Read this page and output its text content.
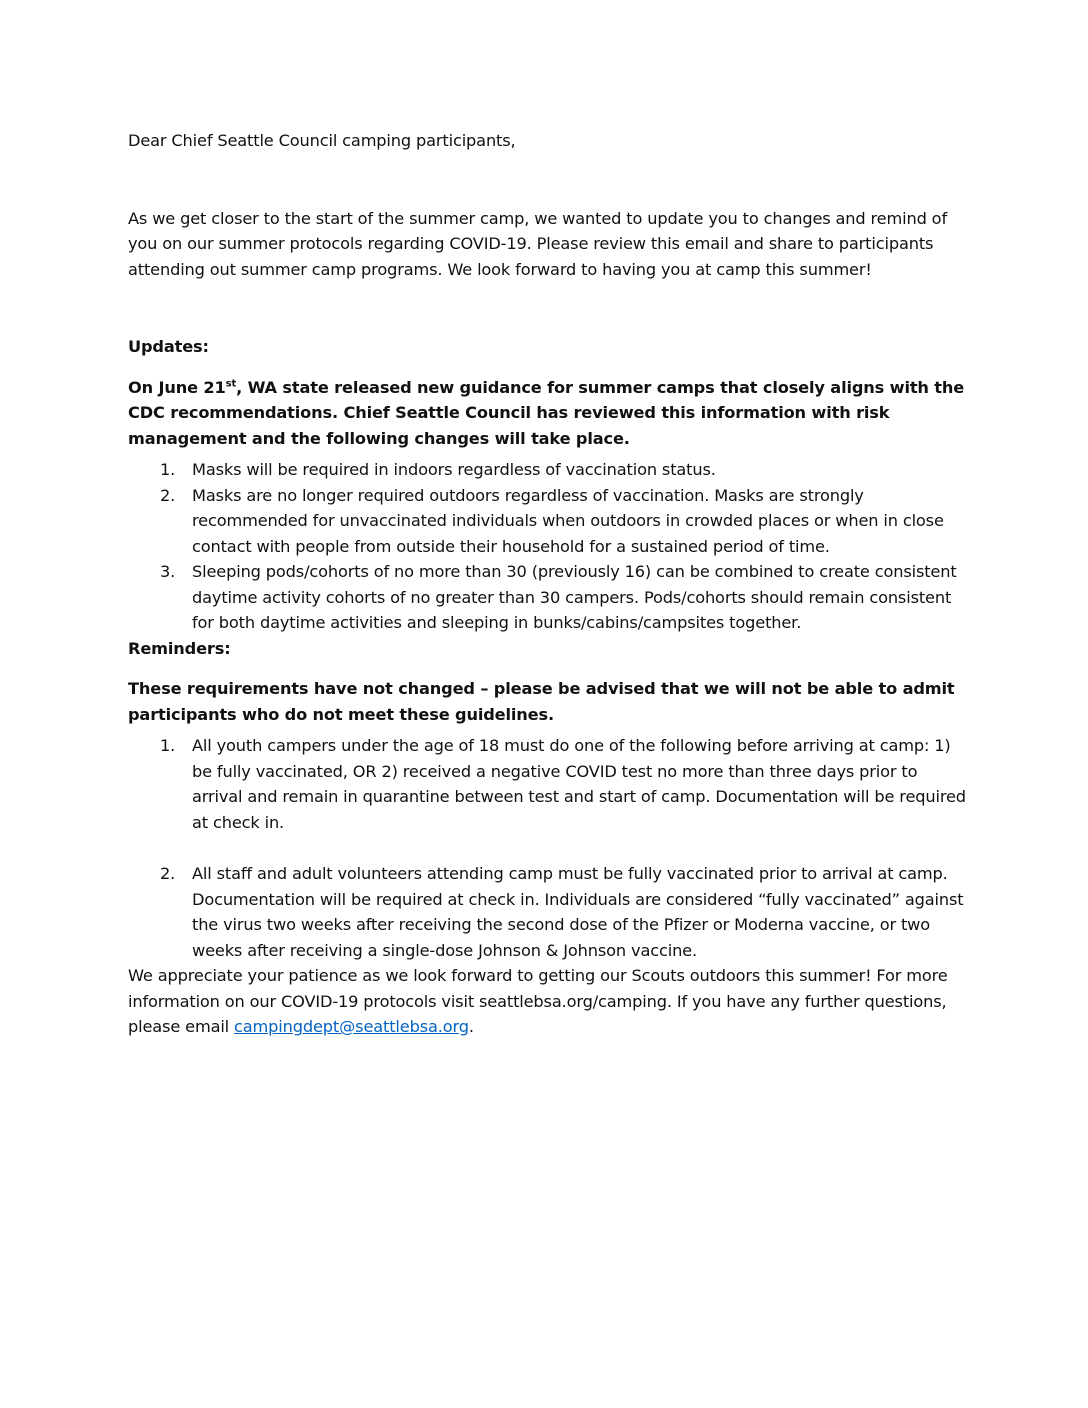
Dear Chief Seattle Council camping participants,

As we get closer to the start of the summer camp, we wanted to update you to changes and remind of you on our summer protocols regarding COVID-19. Please review this email and share to participants attending out summer camp programs. We look forward to having you at camp this summer!

Updates:

On June 21st, WA state released new guidance for summer camps that closely aligns with the CDC recommendations. Chief Seattle Council has reviewed this information with risk management and the following changes will take place.

1. Masks will be required in indoors regardless of vaccination status.
2. Masks are no longer required outdoors regardless of vaccination. Masks are strongly recommended for unvaccinated individuals when outdoors in crowded places or when in close contact with people from outside their household for a sustained period of time.
3. Sleeping pods/cohorts of no more than 30 (previously 16) can be combined to create consistent daytime activity cohorts of no greater than 30 campers. Pods/cohorts should remain consistent for both daytime activities and sleeping in bunks/cabins/campsites together.

Reminders:

These requirements have not changed – please be advised that we will not be able to admit participants who do not meet these guidelines.

1. All youth campers under the age of 18 must do one of the following before arriving at camp: 1) be fully vaccinated, OR 2) received a negative COVID test no more than three days prior to arrival and remain in quarantine between test and start of camp. Documentation will be required at check in.
2. All staff and adult volunteers attending camp must be fully vaccinated prior to arrival at camp. Documentation will be required at check in. Individuals are considered “fully vaccinated” against the virus two weeks after receiving the second dose of the Pfizer or Moderna vaccine, or two weeks after receiving a single-dose Johnson & Johnson vaccine.

We appreciate your patience as we look forward to getting our Scouts outdoors this summer! For more information on our COVID-19 protocols visit seattlebsa.org/camping. If you have any further questions, please email campingdept@seattlebsa.org.
